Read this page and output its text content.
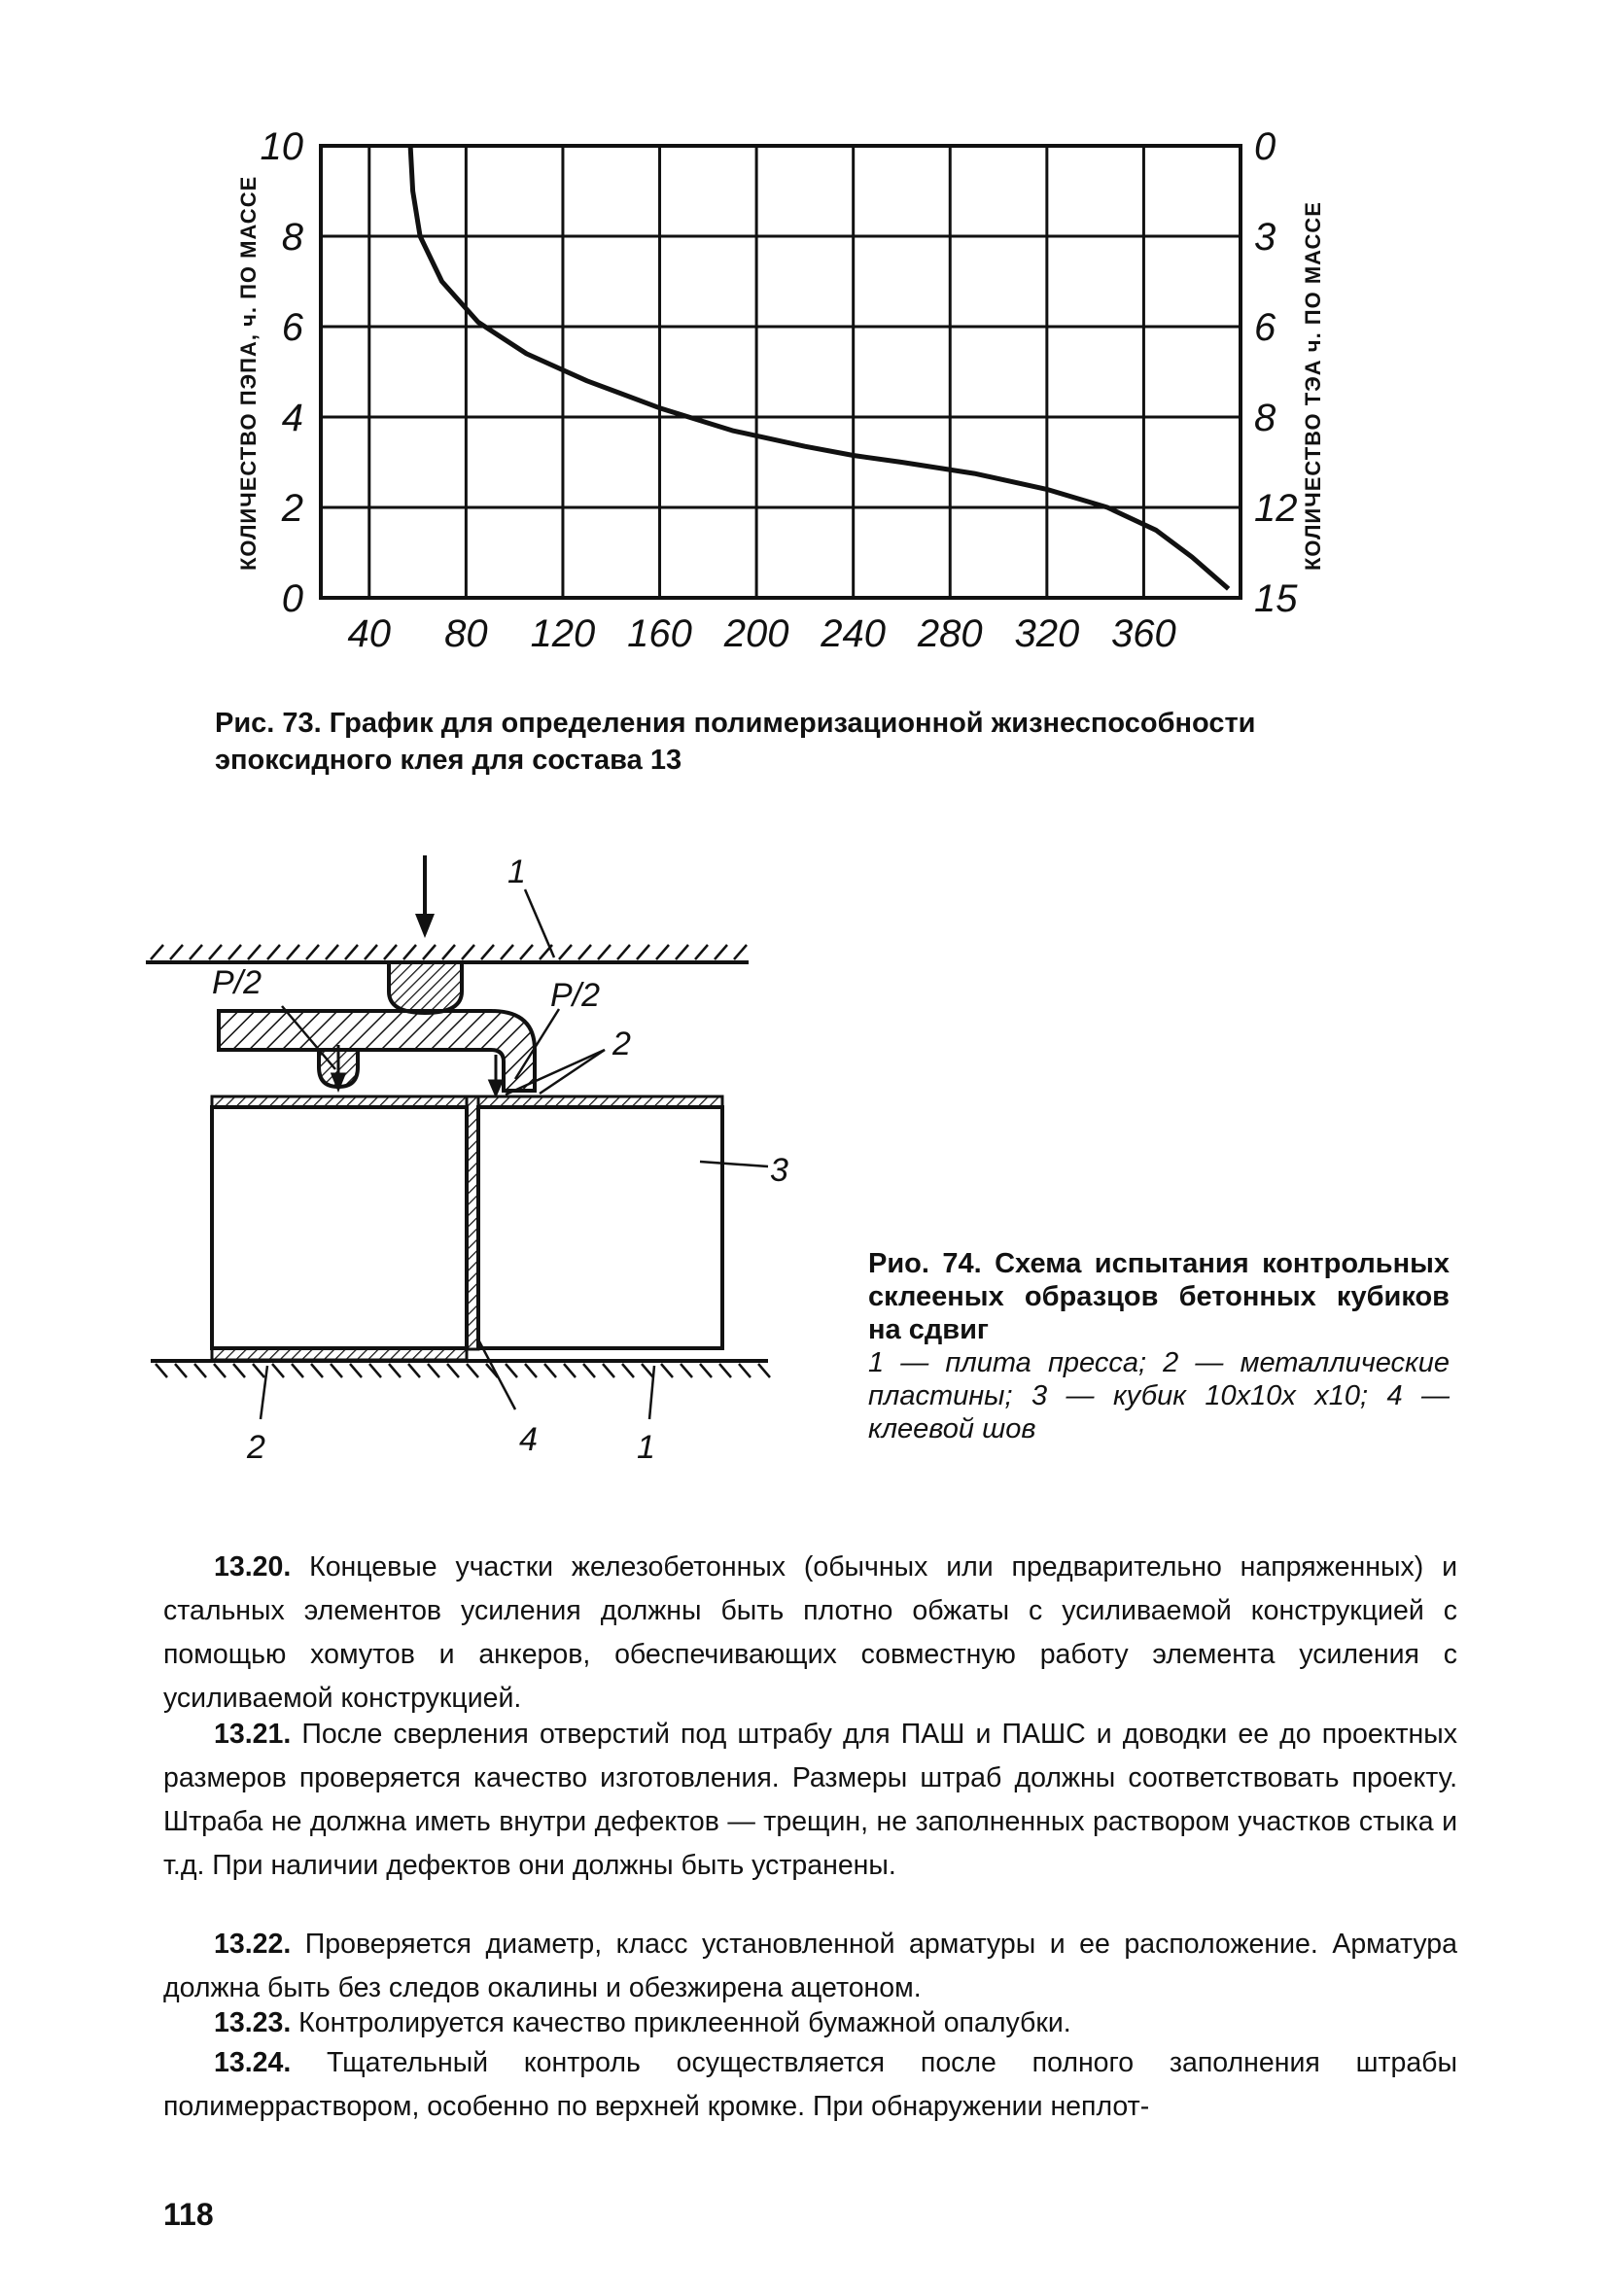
40 80 120 160 200 240 280 320 360
0	15
2	12
4	8
6	6
8	3
10	0
КОЛИЧЕСТВО ПЭПА, ч. ПО МАССЕ	КОЛИЧЕСТВО ТЭА ч. ПО МАССЕ
Рис. 73. График для определения полимеризационной жизнеспособности эпоксидного клея для состава 13
1
P/2	P/2
2
3
2	4	1
Рио. 74. Схема испытания контрольных склееных образцов бетонных кубиков на сдвиг
1 — плита пресса; 2 — металлические пластины; 3 — кубик 10х10х х10; 4 — клеевой шов
13.20. Концевые участки железобетонных (обычных или предварительно напряженных) и стальных элементов усиления должны быть плотно обжаты с усиливаемой конструкцией с помощью хомутов и анкеров, обеспечивающих совместную работу элемента усиления с усиливаемой конструкцией.
13.21. После сверления отверстий под штрабу для ПАШ и ПАШС и доводки ее до проектных размеров проверяется качество изготовления. Размеры штраб должны соответствовать проекту. Штраба не должна иметь внутри дефектов — трещин, не заполненных раствором участков стыка и т.д. При наличии дефектов они должны быть устранены.
13.22. Проверяется диаметр, класс установленной арматуры и ее расположение. Арматура должна быть без следов окалины и обезжирена ацетоном.
13.23. Контролируется качество приклеенной бумажной опалубки.
13.24. Тщательный контроль осуществляется после полного заполнения штрабы полимерраствором, особенно по верхней кромке. При обнаружении неплот-
118
